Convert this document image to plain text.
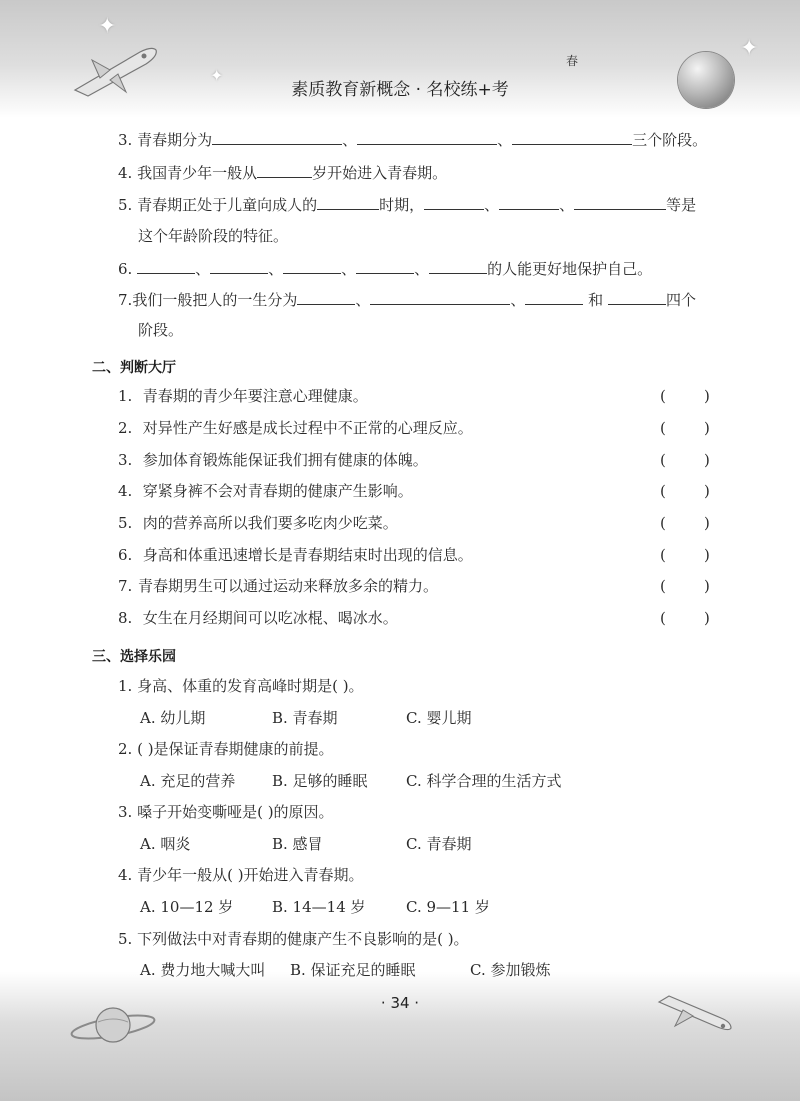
✦
✦
✦
春
素质教育新概念 · 名校练+考
3. 青春期分为	、	、	三个阶段。
4. 我国青少年一般从	岁开始进入青春期。
5. 青春期正处于儿童向成人的	时期，	、	、	等是
这个年龄阶段的特征。
6.	、	、	、	、	的人能更好地保护自己。
7.我们一般把人的一生分为	、	、	和	四个
阶段。
二、判断大厅
1. 青春期的青少年要注意心理健康。	(        )
2. 对异性产生好感是成长过程中不正常的心理反应。	(        )
3. 参加体育锻炼能保证我们拥有健康的体魄。	(        )
4. 穿紧身裤不会对青春期的健康产生影响。	(        )
5. 肉的营养高所以我们要多吃肉少吃菜。	(        )
6. 身高和体重迅速增长是青春期结束时出现的信息。	(        )
7. 青春期男生可以通过运动来释放多余的精力。	(        )
8. 女生在月经期间可以吃冰棍、喝冰水。	(        )
三、选择乐园
1. 身高、体重的发育高峰时期是( )。
A. 幼儿期	B. 青春期	C. 婴儿期
2. ( )是保证青春期健康的前提。
A. 充足的营养 B. 足够的睡眠	C. 科学合理的生活方式
3. 嗓子开始变嘶哑是( )的原因。
A. 咽炎	B. 感冒	C. 青春期
4. 青少年一般从( )开始进入青春期。
A. 10—12 岁	B. 14—14 岁	C. 9—11 岁
5. 下列做法中对青春期的健康产生不良影响的是( )。
A. 费力地大喊大叫 B. 保证充足的睡眠	C. 参加锻炼
· 34 ·
